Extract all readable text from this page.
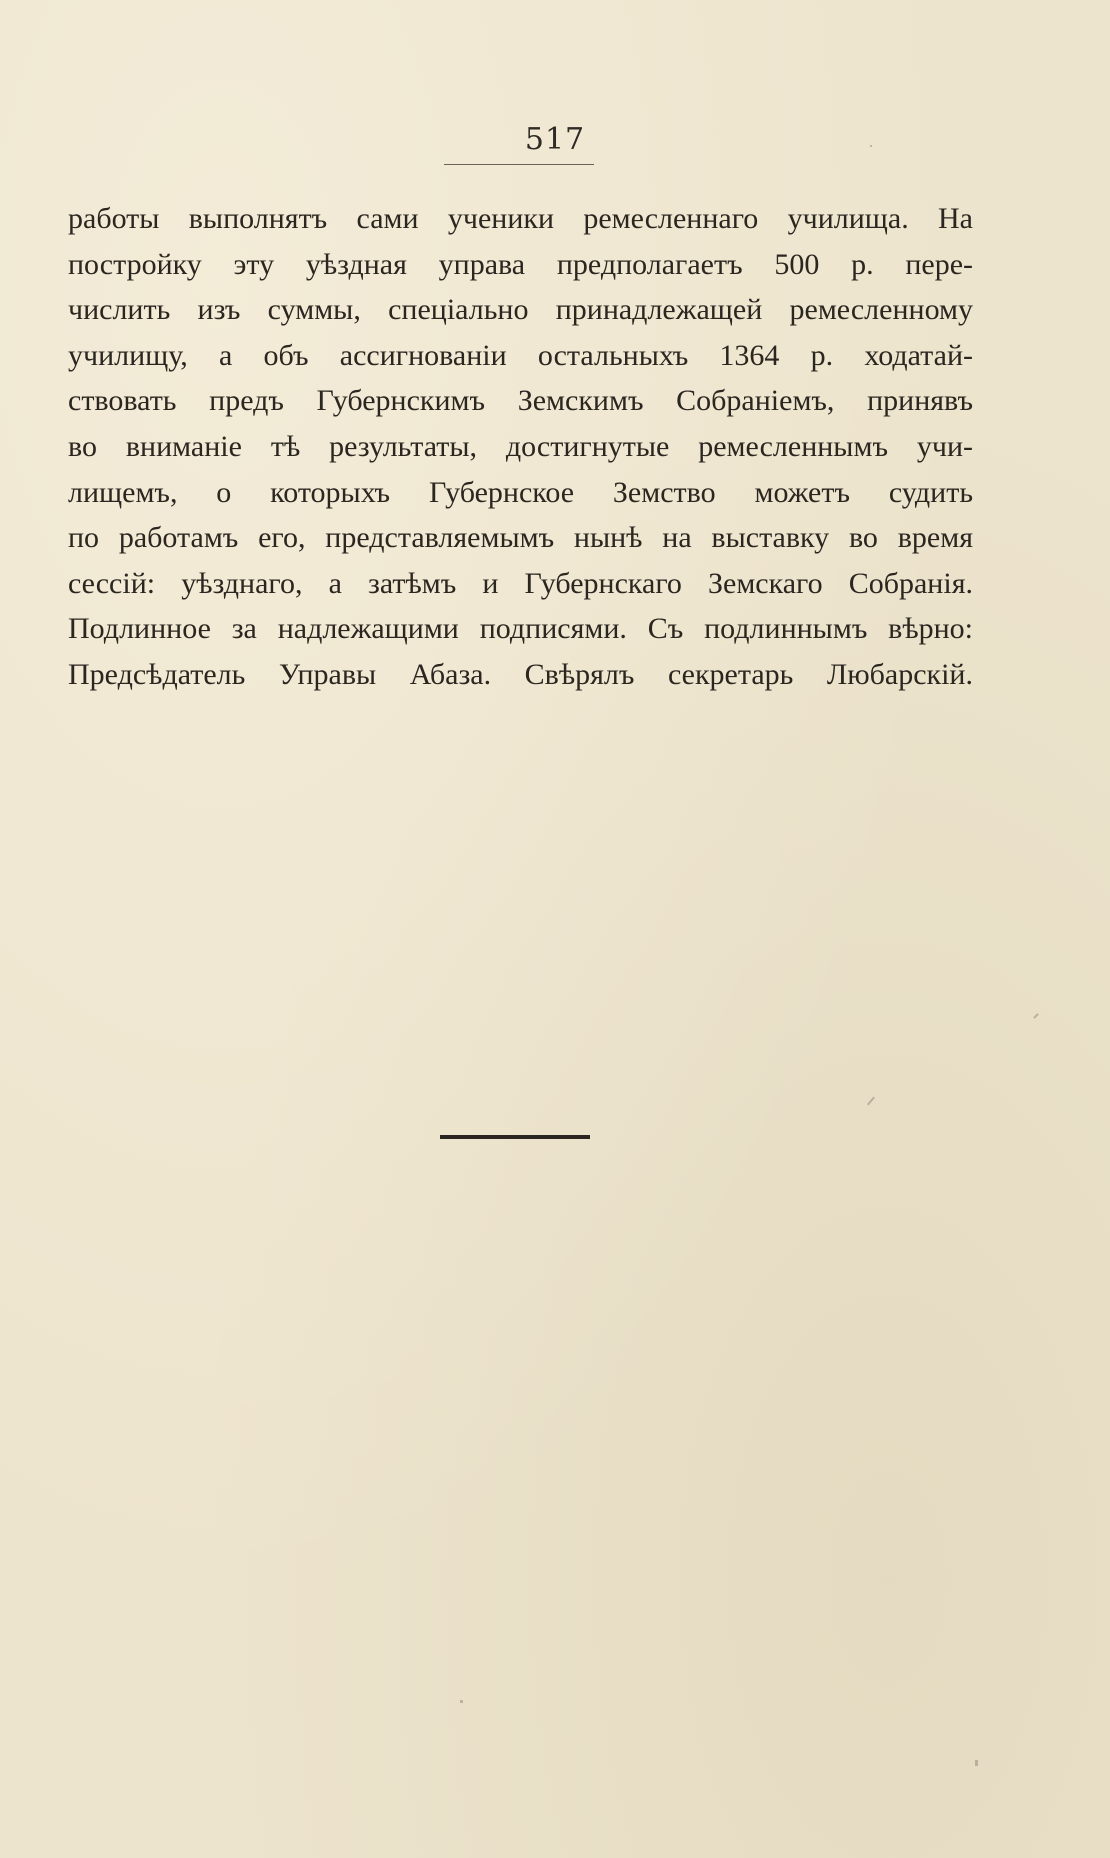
517
работы выполнятъ сами ученики ремесленнаго училища. На
постройку эту уѣздная управа предполагаетъ 500 р. пере-
числить изъ суммы, спеціально принадлежащей ремесленному
училищу, а объ ассигнованіи остальныхъ 1364 р. ходатай-
ствовать предъ Губернскимъ Земскимъ Собраніемъ, принявъ
во вниманіе тѣ результаты, достигнутые ремесленнымъ учи-
лищемъ, о которыхъ Губернское Земство можетъ судить
по работамъ его, представляемымъ нынѣ на выставку во время
сессій: уѣзднаго, а затѣмъ и Губернскаго Земскаго Собранія.
Подлинное за надлежащими подписями. Съ подлиннымъ вѣрно:
Предсѣдатель Управы Абаза. Свѣрялъ секретарь Любарскій.
